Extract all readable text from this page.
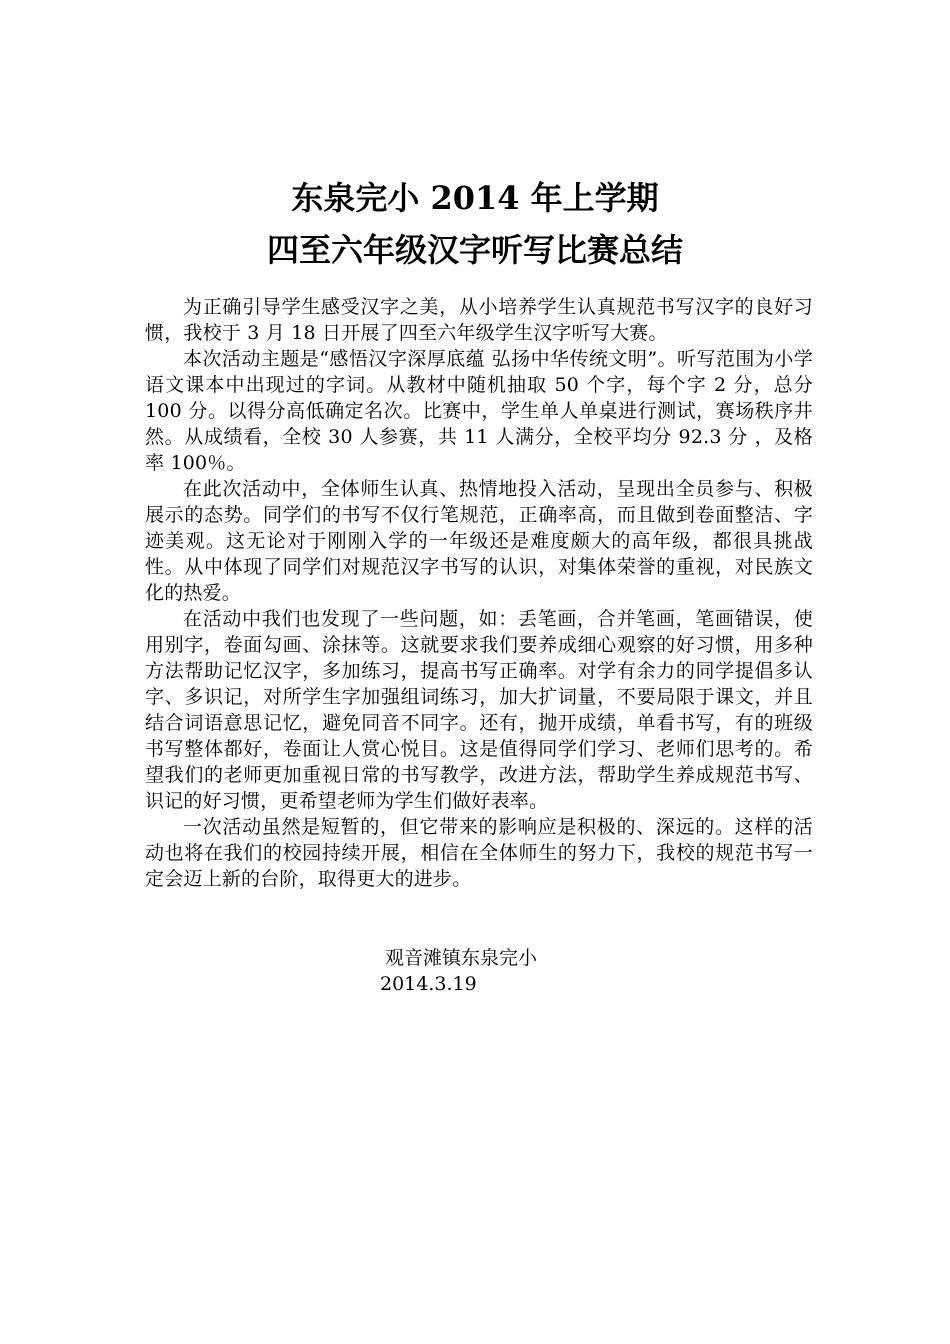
东泉完小 2014 年上学期
四至六年级汉字听写比赛总结

为正确引导学生感受汉字之美，从小培养学生认真规范书写汉字的良好习惯，我校于 3 月 18 日开展了四至六年级学生汉字听写大赛。

本次活动主题是“感悟汉字深厚底蕴 弘扬中华传统文明”。听写范围为小学语文课本中出现过的字词。从教材中随机抽取 50 个字，每个字 2 分，总分 100 分。以得分高低确定名次。比赛中，学生单人单桌进行测试，赛场秩序井然。从成绩看，全校 30 人参赛，共 11 人满分，全校平均分 92.3 分 ，及格率 100％。

在此次活动中，全体师生认真、热情地投入活动，呈现出全员参与、积极展示的态势。同学们的书写不仅行笔规范，正确率高，而且做到卷面整洁、字迹美观。这无论对于刚刚入学的一年级还是难度颇大的高年级，都很具挑战性。从中体现了同学们对规范汉字书写的认识，对集体荣誉的重视，对民族文化的热爱。

在活动中我们也发现了一些问题，如：丢笔画，合并笔画，笔画错误，使用别字，卷面勾画、涂抹等。这就要求我们要养成细心观察的好习惯，用多种方法帮助记忆汉字，多加练习，提高书写正确率。对学有余力的同学提倡多认字、多识记，对所学生字加强组词练习，加大扩词量，不要局限于课文，并且结合词语意思记忆，避免同音不同字。还有，抛开成绩，单看书写，有的班级书写整体都好，卷面让人赏心悦目。这是值得同学们学习、老师们思考的。希望我们的老师更加重视日常的书写教学，改进方法，帮助学生养成规范书写、识记的好习惯，更希望老师为学生们做好表率。

一次活动虽然是短暂的，但它带来的影响应是积极的、深远的。这样的活动也将在我们的校园持续开展，相信在全体师生的努力下，我校的规范书写一定会迈上新的台阶，取得更大的进步。

观音滩镇东泉完小
2014.3.19
